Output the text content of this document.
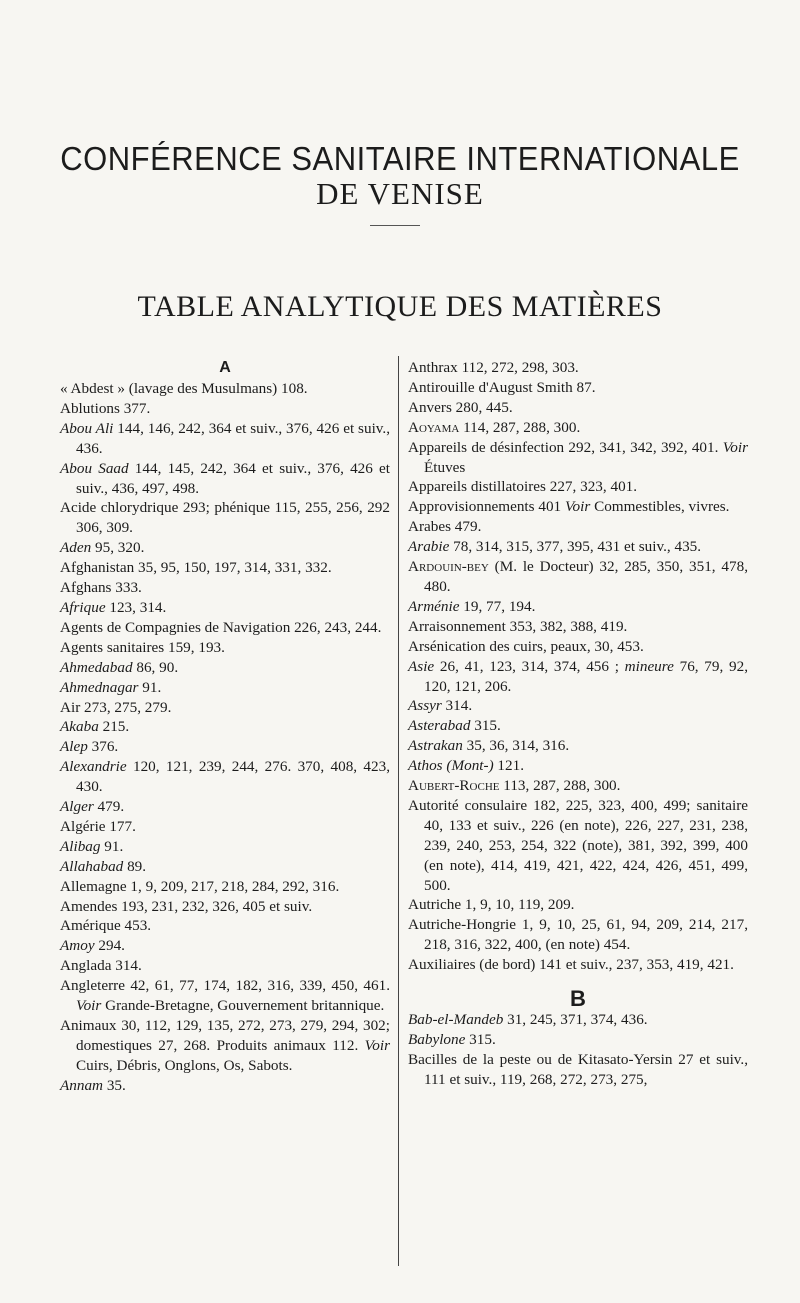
CONFÉRENCE SANITAIRE INTERNATIONALE
DE VENISE
TABLE ANALYTIQUE DES MATIÈRES
A

« Abdest » (lavage des Musulmans) 108.

Ablutions 377.

Abou Ali 144, 146, 242, 364 et suiv., 376, 426 et suiv., 436.

Abou Saad 144, 145, 242, 364 et suiv., 376, 426 et suiv., 436, 497, 498.

Acide chlorydrique 293; phénique 115, 255, 256, 292 306, 309.

Aden 95, 320.

Afghanistan 35, 95, 150, 197, 314, 331, 332.

Afghans 333.

Afrique 123, 314.

Agents de Compagnies de Navigation 226, 243, 244.

Agents sanitaires 159, 193.

Ahmedabad 86, 90.

Ahmednagar 91.

Air 273, 275, 279.

Akaba 215.

Alep 376.

Alexandrie 120, 121, 239, 244, 276. 370, 408, 423, 430.

Alger 479.

Algérie 177.

Alibag 91.

Allahabad 89.

Allemagne 1, 9, 209, 217, 218, 284, 292, 316.

Amendes 193, 231, 232, 326, 405 et suiv.

Amérique 453.

Amoy 294.

Anglada 314.

Angleterre 42, 61, 77, 174, 182, 316, 339, 450, 461. Voir Grande-Bretagne, Gouvernement britannique.

Animaux 30, 112, 129, 135, 272, 273, 279, 294, 302; domestiques 27, 268. Produits animaux 112. Voir Cuirs, Débris, Onglons, Os, Sabots.

Annam 35.

Anthrax 112, 272, 298, 303.

Antirouille d'August Smith 87.

Anvers 280, 445.

Aoyama 114, 287, 288, 300.

Appareils de désinfection 292, 341, 342, 392, 401. Voir Étuves

Appareils distillatoires 227, 323, 401.

Approvisionnements 401 Voir Commestibles, vivres.

Arabes 479.

Arabie 78, 314, 315, 377, 395, 431 et suiv., 435.

Ardouin-bey (M. le Docteur) 32, 285, 350, 351, 478, 480.

Arménie 19, 77, 194.

Arraisonnement 353, 382, 388, 419.

Arsénication des cuirs, peaux, 30, 453.

Asie 26, 41, 123, 314, 374, 456 ; mineure 76, 79, 92, 120, 121, 206.

Assyr 314.

Asterabad 315.

Astrakan 35, 36, 314, 316.

Athos (Mont-) 121.

Aubert-Roche 113, 287, 288, 300.

Autorité consulaire 182, 225, 323, 400, 499; sanitaire 40, 133 et suiv., 226 (en note), 226, 227, 231, 238, 239, 240, 253, 254, 322 (note), 381, 392, 399, 400 (en note), 414, 419, 421, 422, 424, 426, 451, 499, 500.

Autriche 1, 9, 10, 119, 209.

Autriche-Hongrie 1, 9, 10, 25, 61, 94, 209, 214, 217, 218, 316, 322, 400, (en note) 454.

Auxiliaires (de bord) 141 et suiv., 237, 353, 419, 421.

B

Bab-el-Mandeb 31, 245, 371, 374, 436.

Babylone 315.

Bacilles de la peste ou de Kitasato-Yersin 27 et suiv., 111 et suiv., 119, 268, 272, 273, 275,
